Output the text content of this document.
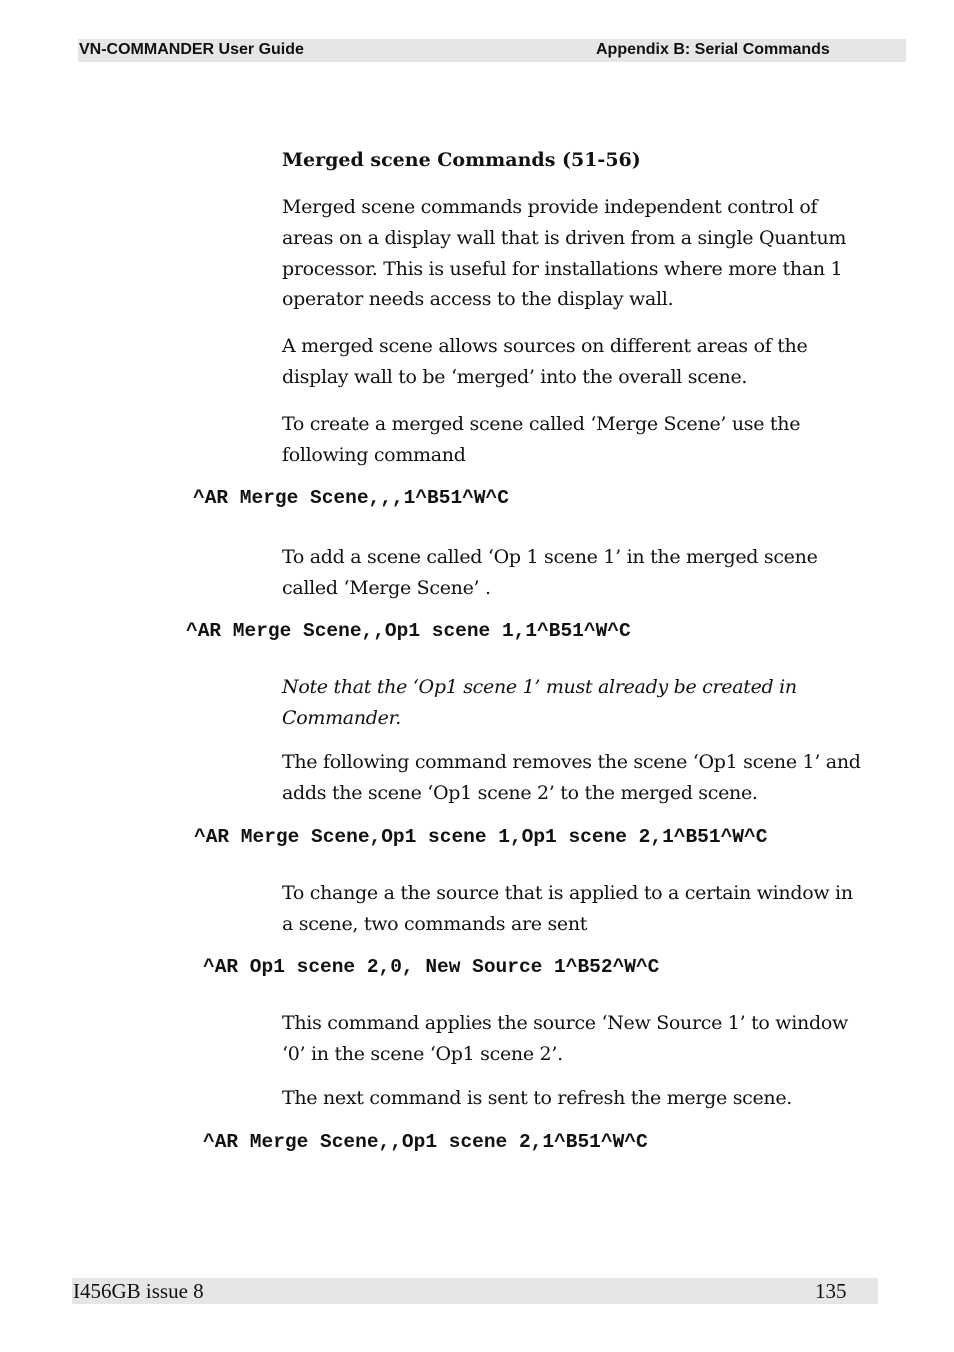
VN-COMMANDER User Guide	Appendix B: Serial Commands
Merged scene Commands (51-56)
Merged scene commands provide independent control of areas on a display wall that is driven from a single Quantum processor. This is useful for installations where more than 1 operator needs access to the display wall.
A merged scene allows sources on different areas of the display wall to be ‘merged’ into the overall scene.
To create a merged scene called ‘Merge Scene’ use the following command
^AR Merge Scene,,,1^B51^W^C
To add a scene called ‘Op 1 scene 1’ in the merged scene called ‘Merge Scene’ .
^AR Merge Scene,,Op1 scene 1,1^B51^W^C
Note that the ‘Op1 scene 1’ must already be created in Commander.
The following command removes the scene ‘Op1 scene 1’ and adds the scene ‘Op1 scene 2’ to the merged scene.
^AR Merge Scene,Op1 scene 1,Op1 scene 2,1^B51^W^C
To change a the source that is applied to a certain window in a scene, two commands are sent
^AR Op1 scene 2,0, New Source 1^B52^W^C
This command applies the source ‘New Source 1’ to window ‘0’ in the scene ‘Op1 scene 2’.
The next command is sent to refresh the merge scene.
^AR Merge Scene,,Op1 scene 2,1^B51^W^C
I456GB issue 8	135
